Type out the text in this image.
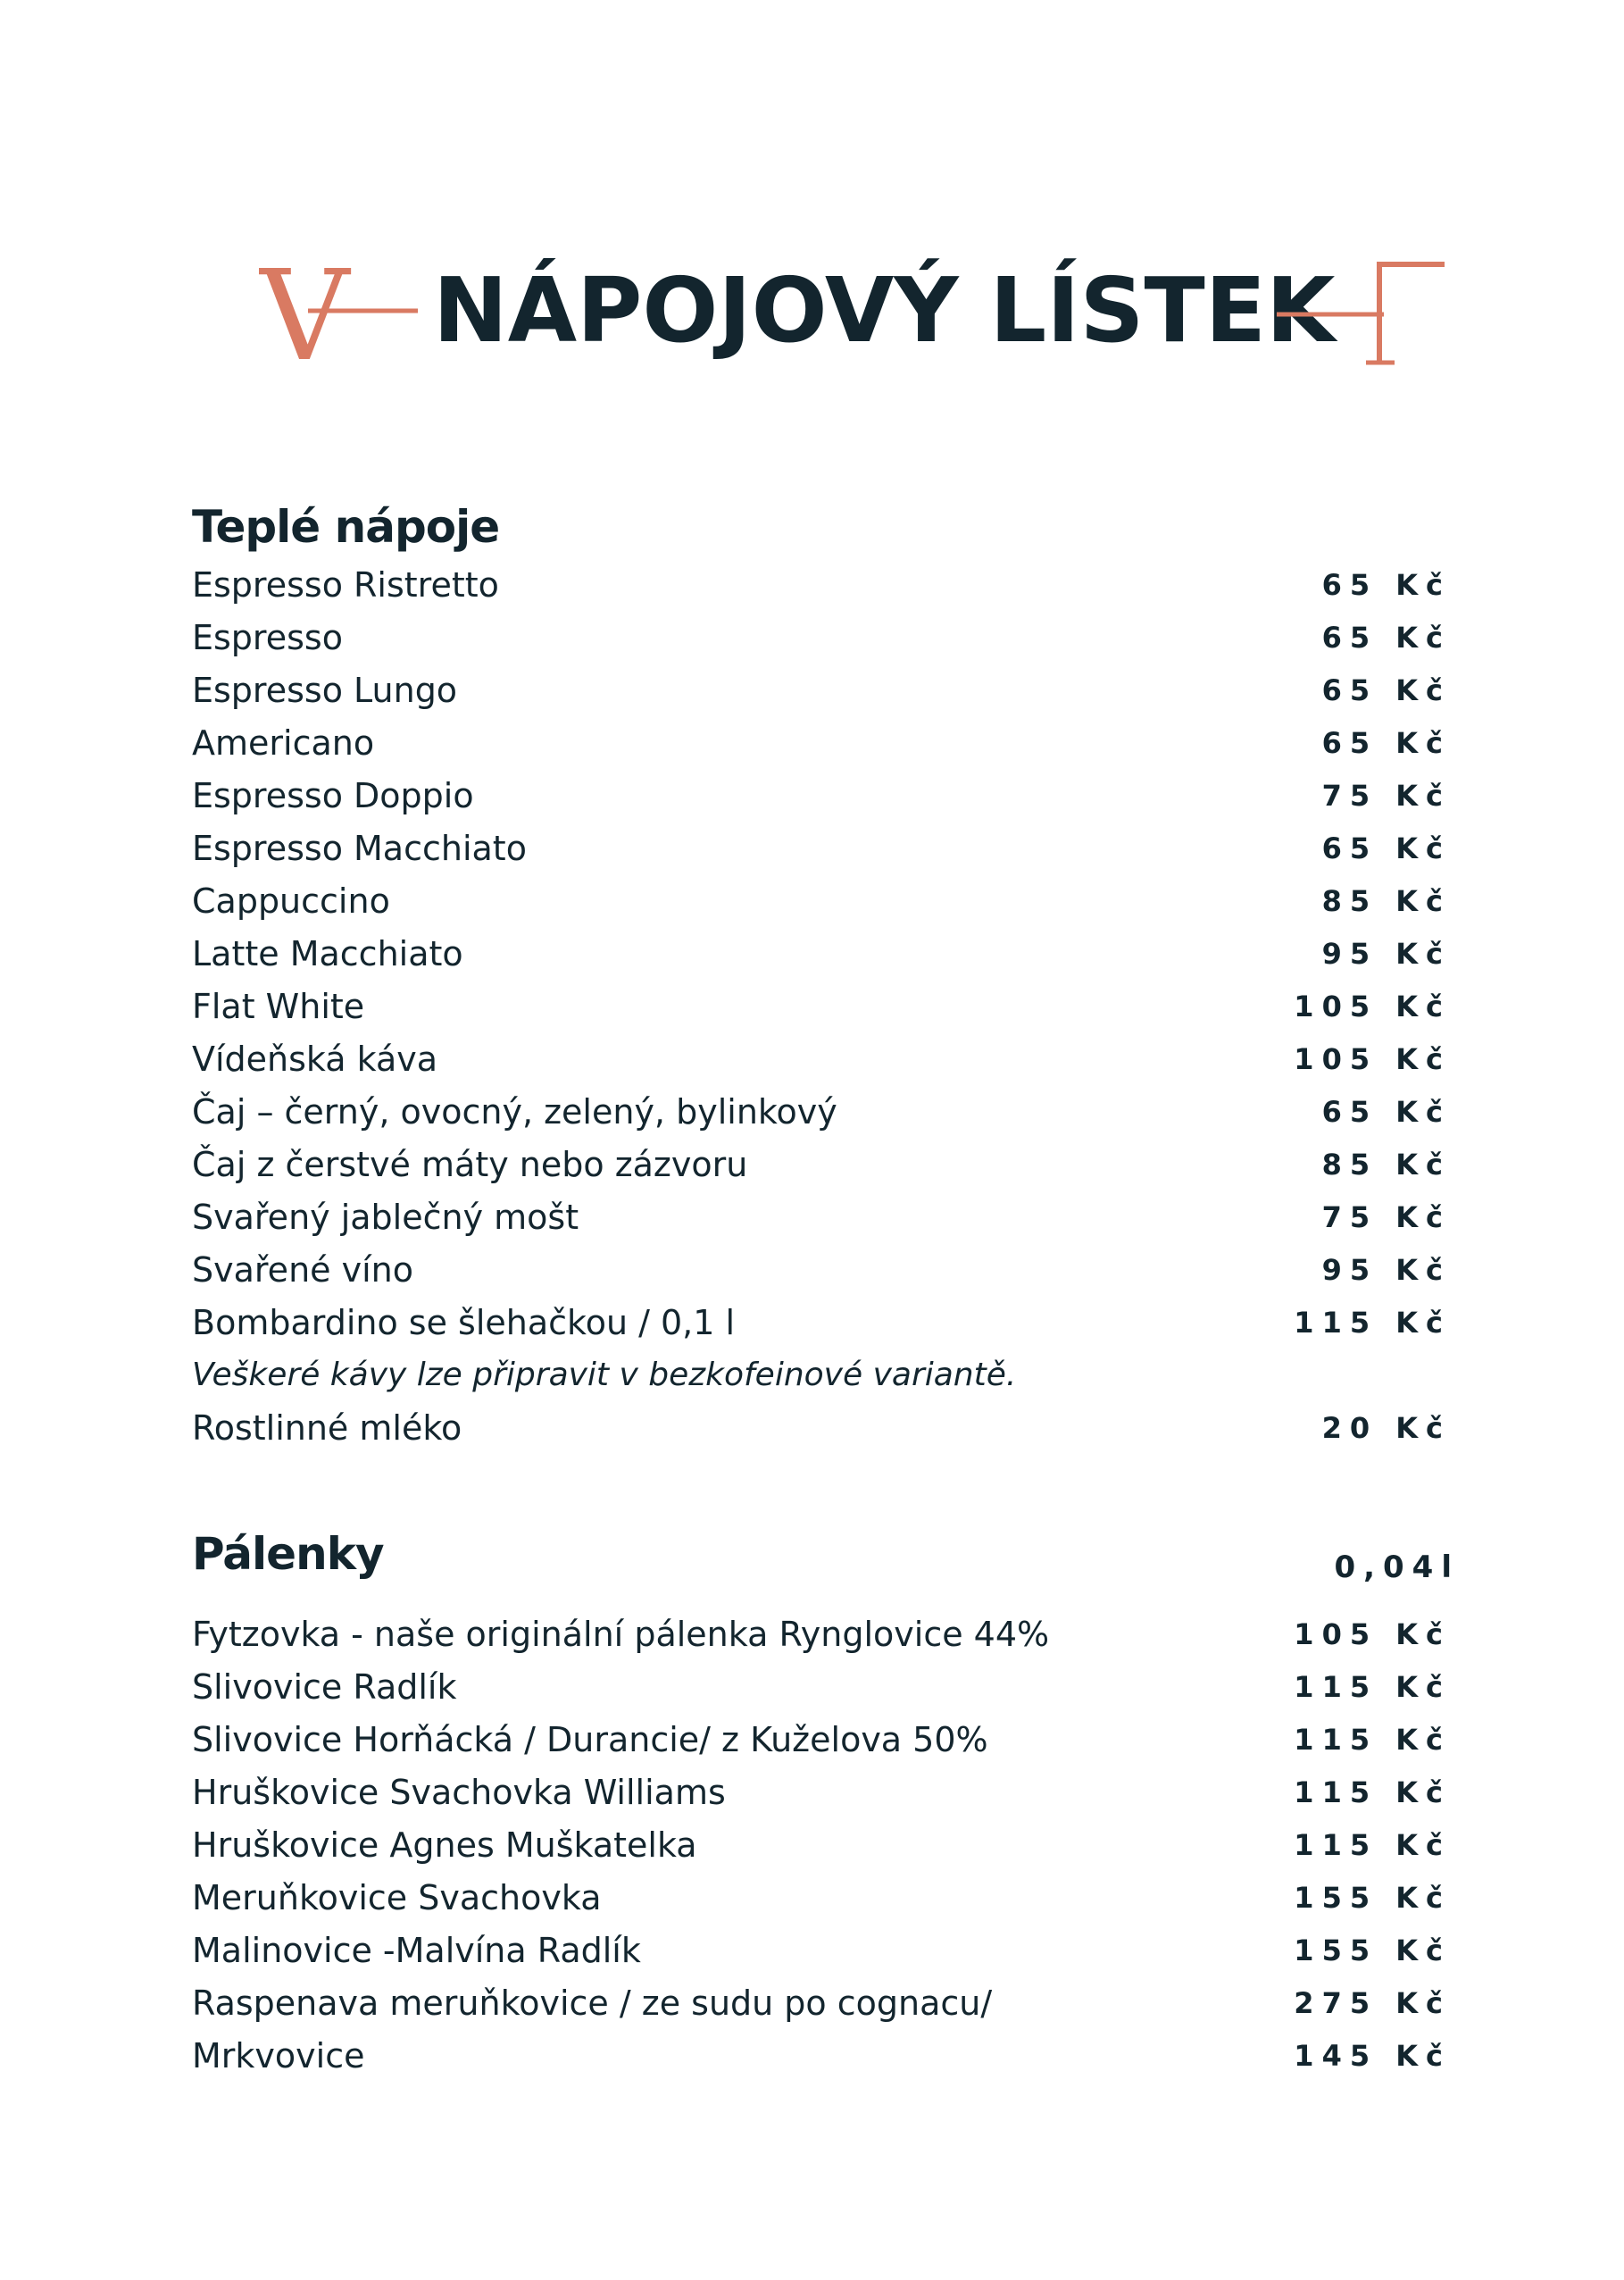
V NÁPOJOVÝ LÍSTEK
Teplé nápoje
Espresso Ristretto	65 Kč
Espresso	65 Kč
Espresso Lungo	65 Kč
Americano	65 Kč
Espresso Doppio	75 Kč
Espresso Macchiato	65 Kč
Cappuccino	85 Kč
Latte Macchiato	95 Kč
Flat White	105 Kč
Vídeňská káva	105 Kč
Čaj – černý, ovocný, zelený, bylinkový	65 Kč
Čaj z čerstvé máty nebo zázvoru	85 Kč
Svařený jablečný mošt	75 Kč
Svařené víno	95 Kč
Bombardino se šlehačkou / 0,1 l	115 Kč
Veškeré kávy lze připravit v bezkofeinové variantě.
Rostlinné mléko	20 Kč
Pálenky	0,04l
Fytzovka - naše originální pálenka Rynglovice 44%	105 Kč
Slivovice Radlík	115 Kč
Slivovice Horňácká / Durancie/ z Kuželova 50%	115 Kč
Hruškovice Svachovka Williams	115 Kč
Hruškovice Agnes Muškatelka	115 Kč
Meruňkovice Svachovka	155 Kč
Malinovice -Malvína Radlík	155 Kč
Raspenava meruňkovice / ze sudu po cognacu/	275 Kč
Mrkvovice	145 Kč
